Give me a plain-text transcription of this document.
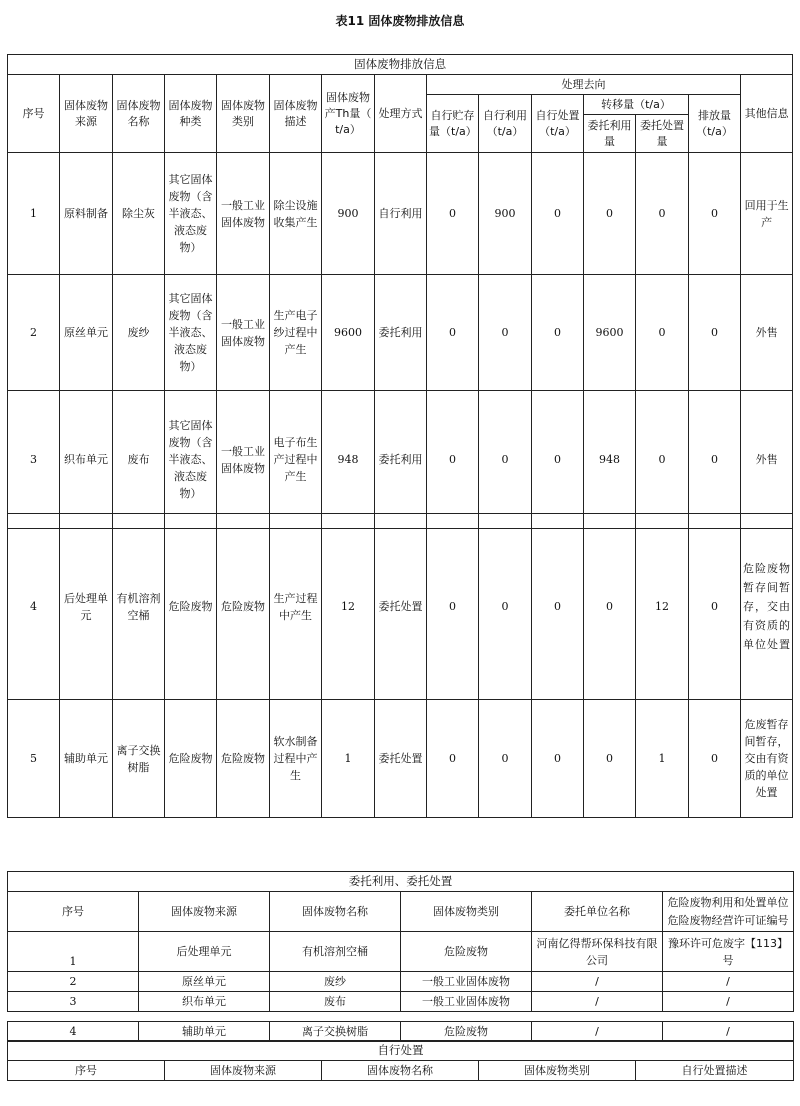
表11 固体废物排放信息
固体废物排放信息														
序号	固体废物来源	固体废物名称	固体废物种类	固体废物类别	固体废物描述	固体废物产Th量（ t/a）	处理方式	处理去向						其他信息
								自行贮存量（t/a）	自行利用（t/a）	自行处置（t/a）	转移量（t/a）		排放量（t/a）	
											委托利用量	委托处置量		
1	原料制备	除尘灰	其它固体废物（含半液态、液态废物）	一般工业固体废物	除尘设施收集产生	900	自行利用	0	900	0	0	0	0	回用于生产
2	原丝单元	废纱	其它固体废物（含半液态、液态废物）	一般工业固体废物	生产电子纱过程中产生	9600	委托利用	0	0	0	9600	0	0	外售
3	织布单元	废布	其它固体废物（含半液态、液态废物）	一般工业固体废物	电子布生产过程中产生	948	委托利用	0	0	0	948	0	0	外售
4	后处理单元	有机溶剂空桶	危险废物	危险废物	生产过程中产生	12	委托处置	0	0	0	0	12	0	危险废物暂存间暂存，交由有资质的单位处置
5	辅助单元	离子交换树脂	危险废物	危险废物	软水制备过程中产生	1	委托处置	0	0	0	0	1	0	危废暂存间暂存，交由有资质的单位处置
委托利用、委托处置					
序号	固体废物来源	固体废物名称	固体废物类别	委托单位名称	危险废物利用和处置单位危险废物经营许可证编号
1	后处理单元	有机溶剂空桶	危险废物	河南亿得帮环保科技有限公司	豫环许可危废字【113】号
2	原丝单元	废纱	一般工业固体废物	/	/
3	织布单元	废布	一般工业固体废物	/	/
4	辅助单元	离子交换树脂	危险废物	/	/
自行处置
序号	固体废物来源	固体废物名称	固体废物类别	自行处置描述
